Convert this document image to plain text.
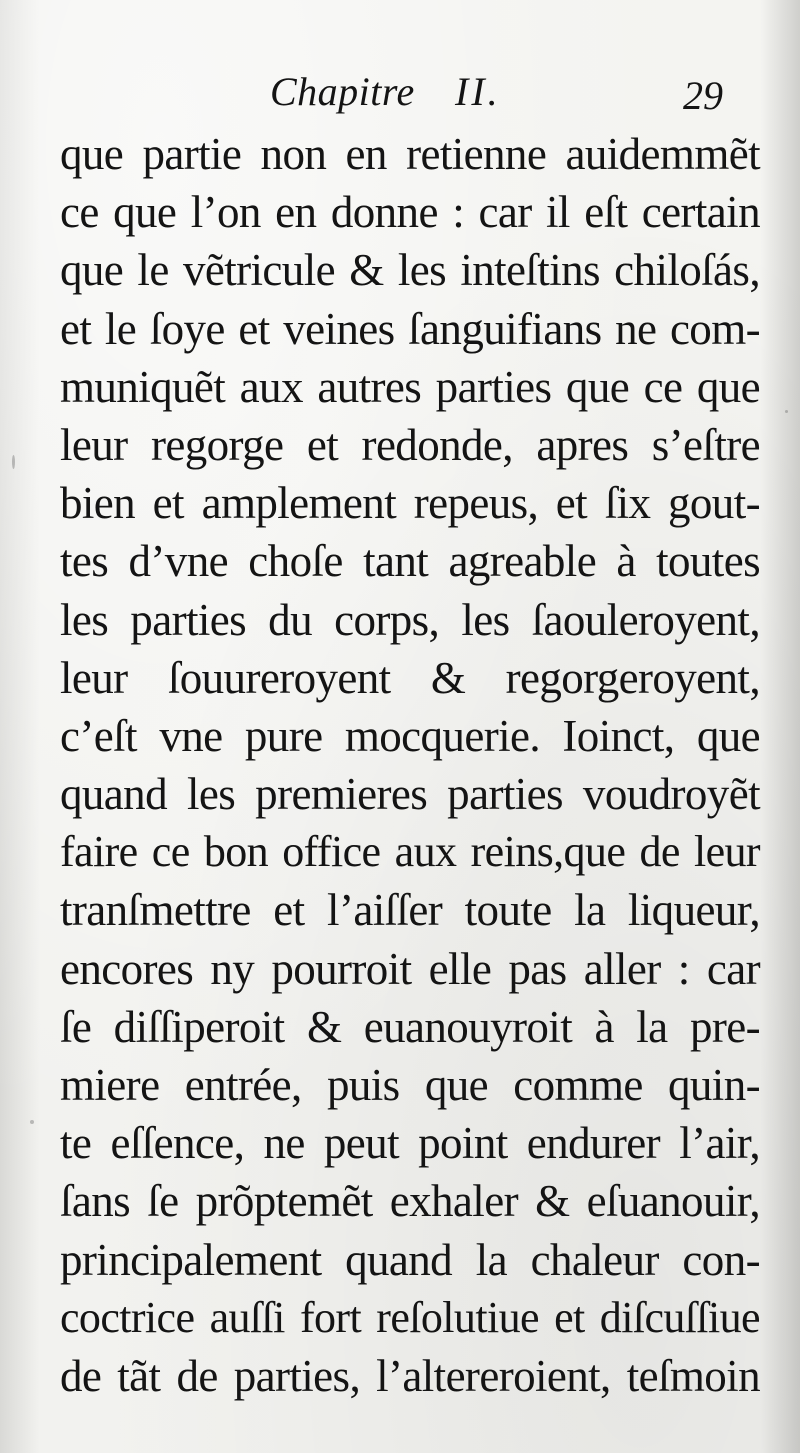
Chapitre II.	29
que partie non en retienne auidemmẽt
ce que l’on en donne : car il eſt certain
que le vẽtricule & les inteſtins chiloſás,
et le ſoye et veines ſanguifians ne com-
muniquẽt aux autres parties que ce que
leur regorge et redonde, apres s’eſtre
bien et amplement repeus, et ſix gout-
tes d’vne choſe tant agreable à toutes
les parties du corps, les ſaouleroyent,
leur ſouureroyent & regorgeroyent,
c’eſt vne pure mocquerie. Ioinct, que
quand les premieres parties voudroyẽt
faire ce bon office aux reins,que de leur
tranſmettre et l’aiſſer toute la liqueur,
encores ny pourroit elle pas aller : car
ſe diſſiperoit & euanouyroit à la pre-
miere entrée, puis que comme quin-
te eſſence, ne peut point endurer l’air,
ſans ſe prõptemẽt exhaler & eſuanouir,
principalement quand la chaleur con-
coctrice auſſi fort reſolutiue et diſcuſſiue
de tãt de parties, l’altereroient, teſmoin
